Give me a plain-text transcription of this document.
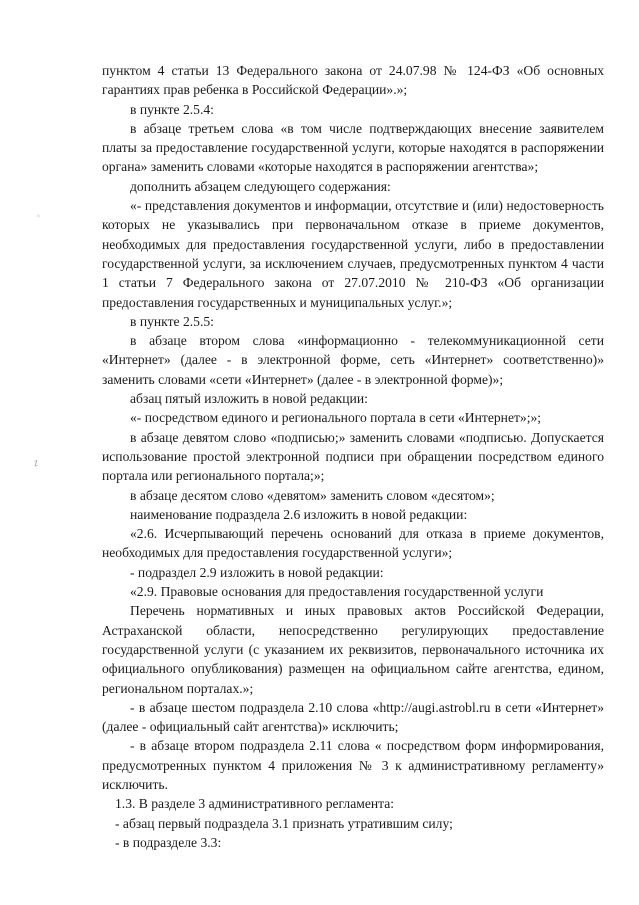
пунктом 4 статьи 13 Федерального закона от 24.07.98 № 124-ФЗ «Об основных гарантиях прав ребенка в Российской Федерации».»;

в пункте 2.5.4:

в абзаце третьем слова «в том числе подтверждающих внесение заявителем платы за предоставление государственной услуги, которые находятся в распоряжении органа» заменить словами «которые находятся в распоряжении агентства»;

дополнить абзацем следующего содержания:

«- представления документов и информации, отсутствие и (или) недостоверность которых не указывались при первоначальном отказе в приеме документов, необходимых для предоставления государственной услуги, либо в предоставлении государственной услуги, за исключением случаев, предусмотренных пунктом 4 части 1 статьи 7 Федерального закона от 27.07.2010 № 210-ФЗ «Об организации предоставления государственных и муниципальных услуг.»;

в пункте 2.5.5:

в абзаце втором слова «информационно - телекоммуникационной сети «Интернет» (далее - в электронной форме, сеть «Интернет» соответственно)» заменить словами «сети «Интернет» (далее - в электронной форме)»;

абзац пятый изложить в новой редакции:

«- посредством единого и регионального портала в сети «Интернет»;»;

в абзаце девятом слово «подписью;» заменить словами «подписью. Допускается использование простой электронной подписи при обращении посредством единого портала или регионального портала;»;

в абзаце десятом слово «девятом» заменить словом «десятом»;

наименование подраздела 2.6 изложить в новой редакции:

«2.6. Исчерпывающий перечень оснований для отказа в приеме документов, необходимых для предоставления государственной услуги»;

- подраздел 2.9 изложить в новой редакции:

«2.9. Правовые основания для предоставления государственной услуги

Перечень нормативных и иных правовых актов Российской Федерации, Астраханской области, непосредственно регулирующих предоставление государственной услуги (с указанием их реквизитов, первоначального источника их официального опубликования) размещен на официальном сайте агентства, едином, региональном порталах.»;

- в абзаце шестом подраздела 2.10 слова «http://augi.astrobl.ru в сети «Интернет» (далее - официальный сайт агентства)» исключить;

- в абзаце втором подраздела 2.11 слова « посредством форм информирования, предусмотренных пунктом 4 приложения № 3 к административному регламенту» исключить.

1.3. В разделе 3 административного регламента:

- абзац первый подраздела 3.1 признать утратившим силу;

- в подразделе 3.3:

◦
⁒
